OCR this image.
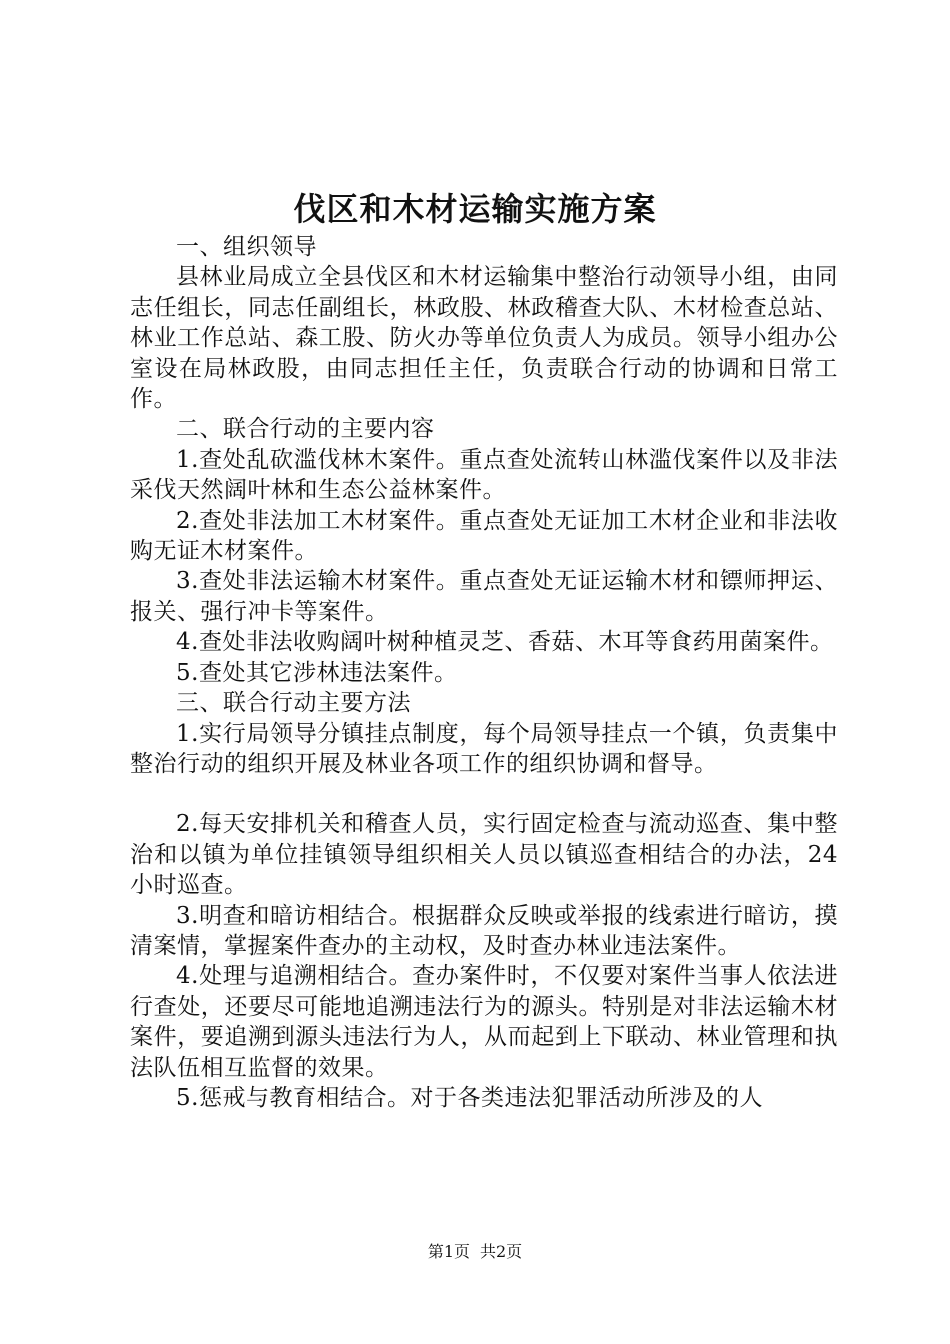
伐区和木材运输实施方案

一、组织领导

县林业局成立全县伐区和木材运输集中整治行动领导小组，由同志任组长，同志任副组长，林政股、林政稽查大队、木材检查总站、林业工作总站、森工股、防火办等单位负责人为成员。领导小组办公室设在局林政股，由同志担任主任，负责联合行动的协调和日常工作。

二、联合行动的主要内容

1.查处乱砍滥伐林木案件。重点查处流转山林滥伐案件以及非法采伐天然阔叶林和生态公益林案件。

2.查处非法加工木材案件。重点查处无证加工木材企业和非法收购无证木材案件。

3.查处非法运输木材案件。重点查处无证运输木材和镖师押运、报关、强行冲卡等案件。

4.查处非法收购阔叶树种植灵芝、香菇、木耳等食药用菌案件。

5.查处其它涉林违法案件。

三、联合行动主要方法

1.实行局领导分镇挂点制度，每个局领导挂点一个镇，负责集中整治行动的组织开展及林业各项工作的组织协调和督导。

2.每天安排机关和稽查人员，实行固定检查与流动巡查、集中整治和以镇为单位挂镇领导组织相关人员以镇巡查相结合的办法，24小时巡查。

3.明查和暗访相结合。根据群众反映或举报的线索进行暗访，摸清案情，掌握案件查办的主动权，及时查办林业违法案件。

4.处理与追溯相结合。查办案件时，不仅要对案件当事人依法进行查处，还要尽可能地追溯违法行为的源头。特别是对非法运输木材案件，要追溯到源头违法行为人，从而起到上下联动、林业管理和执法队伍相互监督的效果。

5.惩戒与教育相结合。对于各类违法犯罪活动所涉及的人

第1页 共2页
